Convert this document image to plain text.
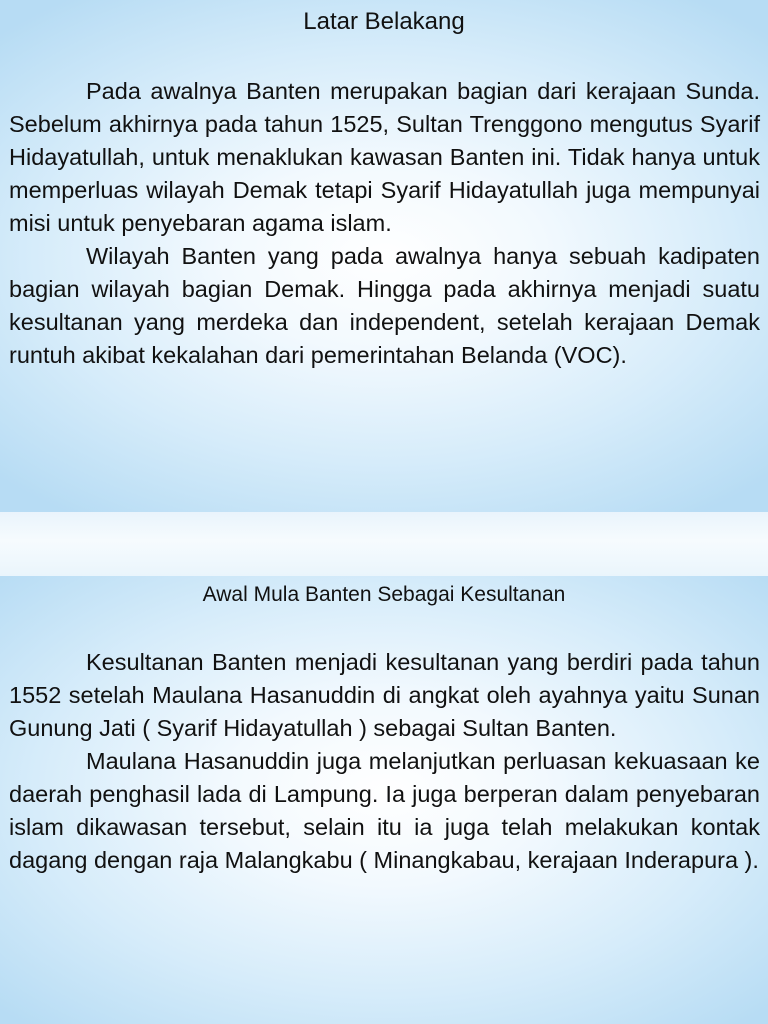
Latar Belakang

Pada awalnya Banten merupakan bagian dari kerajaan Sunda. Sebelum akhirnya pada tahun 1525, Sultan Trenggono mengutus Syarif Hidayatullah, untuk menaklukan kawasan Banten ini. Tidak hanya untuk memperluas wilayah Demak tetapi Syarif Hidayatullah juga mempunyai misi untuk penyebaran agama islam.

Wilayah Banten yang pada awalnya hanya sebuah kadipaten bagian wilayah bagian Demak. Hingga pada akhirnya menjadi suatu kesultanan yang merdeka dan independent, setelah kerajaan Demak runtuh akibat kekalahan dari pemerintahan Belanda (VOC).

Awal Mula Banten Sebagai Kesultanan

Kesultanan Banten menjadi kesultanan yang berdiri pada tahun 1552 setelah Maulana Hasanuddin di angkat oleh ayahnya yaitu Sunan Gunung Jati ( Syarif Hidayatullah ) sebagai Sultan Banten.

Maulana Hasanuddin juga melanjutkan perluasan kekuasaan ke daerah penghasil lada di Lampung. Ia juga berperan dalam penyebaran islam dikawasan tersebut, selain itu ia juga telah melakukan kontak dagang dengan raja Malangkabu ( Minangkabau, kerajaan Inderapura ).
